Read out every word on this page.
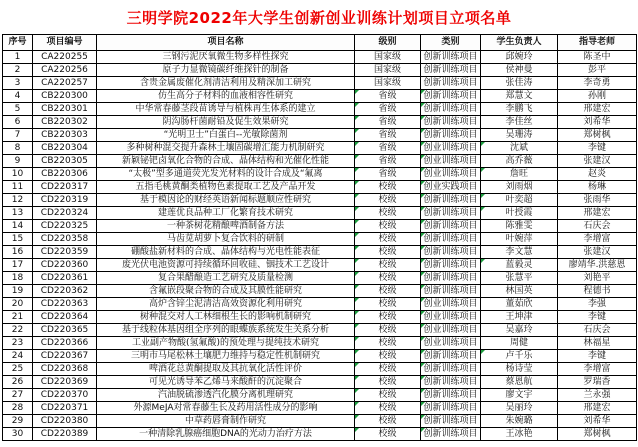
三明学院2022年大学生创新创业训练计划项目立项名单
序号	项目编号	项目名称	级别	类别	学生负责人	指导老师
1	CA220255	三钢污泥厌氧微生物多样性探究	国家级	创新训练项目	邱婉玲	陈圣中
2	CA220256	原子力显微镜碳纤维探针的制备	国家级	创新训练项目	侯神曼	彭平
3	CA220257	含贵金属废催化剂清洁利用及精深加工研究	国家级	创新训练项目	张佳涛	李奇勇
4	CB220300	仿生高分子材料的血液相容性研究	省级	创新训练项目	郑慧文	孙刚
5	CB220301	中华常春藤茎段苗诱导与植株再生体系的建立	省级	创新训练项目	李鹏飞	邢建宏
6	CB220302	阴沟肠杆菌耐铅及促生效果研究	省级	创新训练项目	李佳丝	刘希华
7	CB220303	“光明卫士”白蛋白--光敏除菌剂	省级	创新训练项目	吴珊涛	郑树枫
8	CB220304	多种树种混交提升森林土壤固碳增汇能力机制研究	省级	创业训练项目	沈斌	李键
9	CB220305	新颖铋钯卤氧化合物的合成、晶体结构和光催化性能	省级	创业训练项目	高乔薇	张建汉
10	CB220306	“太极”型多通道荧光发光材料的设计合成及“氟离	省级	创业训练项目	詹旺	赵炎
11	CD220317	五指毛桃黄酮类植物色素提取工艺及产品开发	校级	创业实践项目	刘雨烟	杨琳
12	CD220319	基于模因论的财经英语新闻标题顺应性研究	校级	创新训练项目	叶奕超	张雨华
13	CD220324	建莲优良品种工厂化繁育技术研究	校级	创新训练项目	叶授霞	邢建宏
14	CD220325	一种茶树花精酿啤酒制备方法	校级	创新训练项目	陈雅雯	石庆会
15	CD220358	马齿苋胡萝卜复合饮料的研制	校级	创新训练项目	叶婉萍	李增富
16	CD220359	硼酸盐新材料的合成、晶体结构与光电性能表征	校级	创新训练项目	李文慧	张建汉
17	CD220360	废光伏电池资源可持续循环回收硅、铟技术工艺设计	校级	创新训练项目	蓝毅灵	廖靖华.洪慈恩
18	CD220361	复合果醋酿造工艺研究及质量检测	校级	创新训练项目	张慧平	刘艳平
19	CD220362	含氟嵌段聚合物的合成及其膜性能研究	校级	创新训练项目	林国英	程德书
20	CD220363	高炉含锌尘泥清洁高效资源化利用研究	校级	创业训练项目	董茹欣	李强
21	CD220364	树种混交对人工林细根生长的影响机制研究	校级	创业训练项目	王坤津	李键
22	CD220365	基于线粒体基因组全序列的眼蝶族系统发生关系分析	校级	创业训练项目	吴嘉玲	石庆会
23	CD220366	工业副产物酸(氢氟酸)的预处理与提纯技术研究	校级	创业训练项目	周健	林福星
24	CD220367	三明市马尾松林土壤肥力维持与稳定性机制研究	校级	创新训练项目	卢千乐	李键
25	CD220368	啤酒花总黄酮提取及其抗氧化活性评价	校级	创新训练项目	杨诗莹	李增富
26	CD220369	可见光诱导苯乙烯马来酸酐的沉淀聚合	校级	创新训练项目	蔡恩航	罗瑞香
27	CD220370	汽油脱硫渗透汽化膜分离机理研究	校级	创新训练项目	廖文宇	兰永强
28	CD220371	外源MeJA对常春藤生长及药用活性成分的影响	校级	创新训练项目	吴丽玲	邢建宏
29	CD220380	中草药唇膏制作研究	校级	创新训练项目	朱婉璐	刘希华
30	CD220389	一种清除乳腺癌细胞DNA的光动力治疗方法	校级	创新训练项目	王冰艳	郑树枫
